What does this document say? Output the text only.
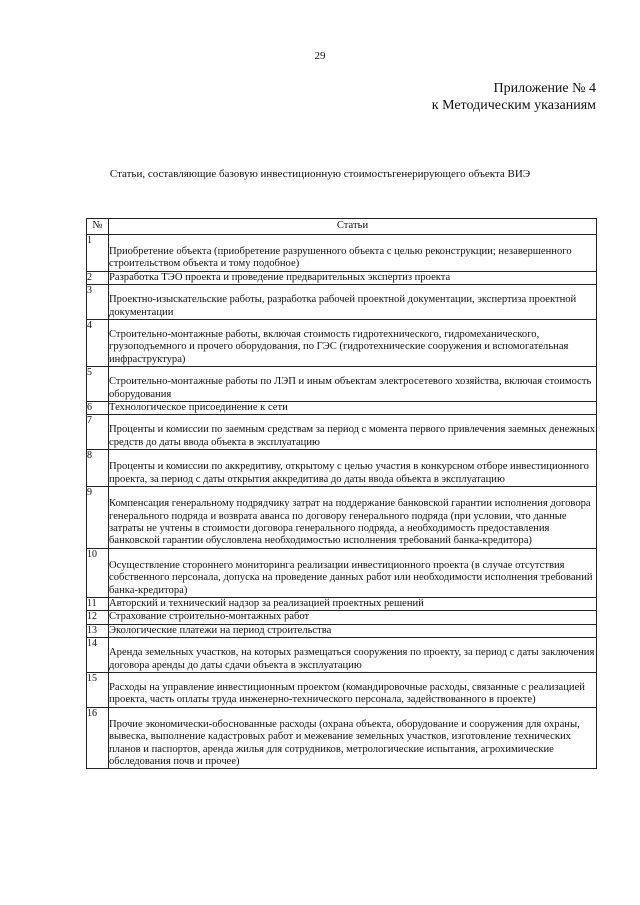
29
Приложение № 4
к Методическим указаниям
Статьи, составляющие базовую инвестиционную стоимостьгенерирующего объекта ВИЭ
№	Статьи
1	Приобретение объекта (приобретение разрушенного объекта с целью реконструкции; незавершенного строительством объекта и тому подобное)
2	Разработка ТЭО проекта и проведение предварительных экспертиз проекта
3	Проектно-изыскательские работы, разработка рабочей проектной документации, экспертиза проектной документации
4	Строительно-монтажные работы, включая стоимость гидротехнического, гидромеханического, грузоподъемного и прочего оборудования, по ГЭС (гидротехнические сооружения и вспомогательная инфраструктура)
5	Строительно-монтажные работы по ЛЭП и иным объектам электросетевого хозяйства, включая стоимость оборудования
6	Технологическое присоединение к сети
7	Проценты и комиссии по заемным средствам за период с момента первого привлечения заемных денежных средств до даты ввода объекта в эксплуатацию
8	Проценты и комиссии по аккредитиву, открытому с целью участия в конкурсном отборе инвестиционного проекта, за период с даты открытия аккредитива до даты ввода объекта в эксплуатацию
9	Компенсация генеральному подрядчику затрат на поддержание банковской гарантии исполнения договора генерального подряда и возврата аванса по договору генерального подряда (при условии, что данные затраты не учтены в стоимости договора генерального подряда, а необходимость предоставления банковской гарантии обусловлена необходимостью исполнения требований банка-кредитора)
10	Осуществление стороннего мониторинга реализации инвестиционного проекта (в случае отсутствия собственного персонала, допуска на проведение данных работ или необходимости исполнения требований банка-кредитора)
11	Авторский и технический надзор за реализацией проектных решений
12	Страхование строительно-монтажных работ
13	Экологические платежи на период строительства
14	Аренда земельных участков, на которых размещаться сооружения по проекту, за период с даты заключения договора аренды до даты сдачи объекта в эксплуатацию
15	Расходы на управление инвестиционным проектом (командировочные расходы, связанные с реализацией проекта, часть оплаты труда инженерно-технического персонала, задействованного в проекте)
16	Прочие экономически-обоснованные расходы (охрана объекта, оборудование и сооружения для охраны, вывеска, выполнение кадастровых работ и межевание земельных участков, изготовление технических планов и паспортов, аренда жилья для сотрудников, метрологические испытания, агрохимические обследования почв и прочее)
